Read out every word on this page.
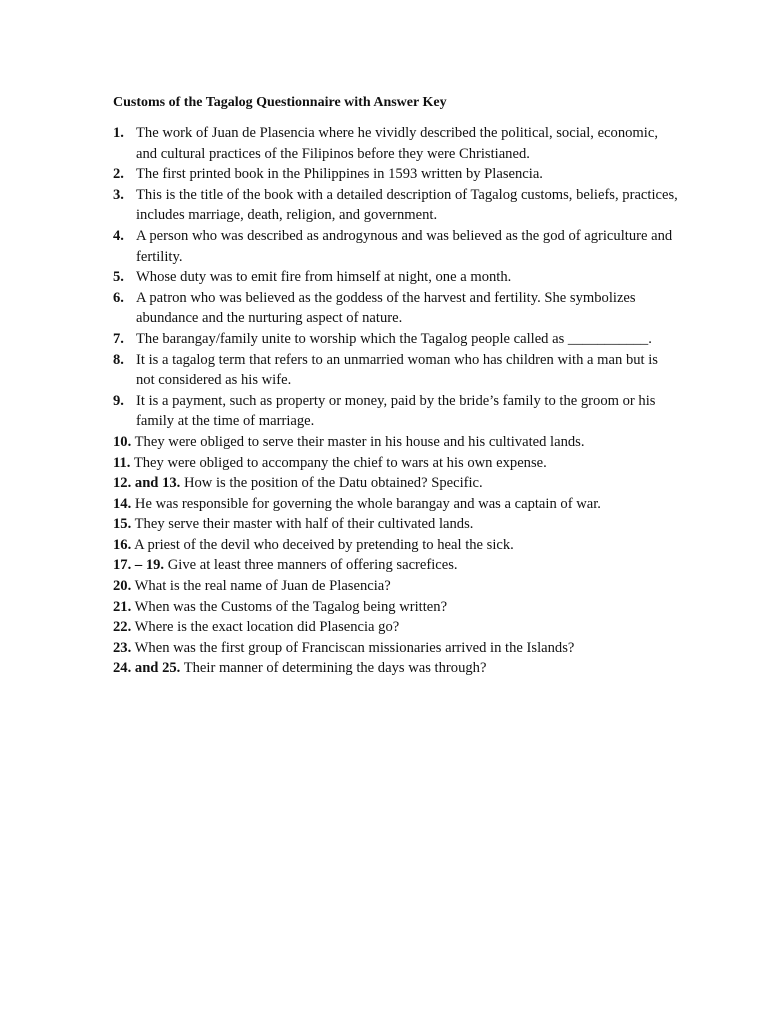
Customs of the Tagalog Questionnaire with Answer Key
1. The work of Juan de Plasencia where he vividly described the political, social, economic, and cultural practices of the Filipinos before they were Christianed.
2. The first printed book in the Philippines in 1593 written by Plasencia.
3. This is the title of the book with a detailed description of Tagalog customs, beliefs, practices, includes marriage, death, religion, and government.
4. A person who was described as androgynous and was believed as the god of agriculture and fertility.
5. Whose duty was to emit fire from himself at night, one a month.
6. A patron who was believed as the goddess of the harvest and fertility. She symbolizes abundance and the nurturing aspect of nature.
7. The barangay/family unite to worship which the Tagalog people called as ___________.
8. It is a tagalog term that refers to an unmarried woman who has children with a man but is not considered as his wife.
9. It is a payment, such as property or money, paid by the bride’s family to the groom or his family at the time of marriage.
10. They were obliged to serve their master in his house and his cultivated lands.
11. They were obliged to accompany the chief to wars at his own expense.
12. and 13. How is the position of the Datu obtained? Specific.
14. He was responsible for governing the whole barangay and was a captain of war.
15. They serve their master with half of their cultivated lands.
16. A priest of the devil who deceived by pretending to heal the sick.
17. – 19. Give at least three manners of offering sacrefices.
20. What is the real name of Juan de Plasencia?
21. When was the Customs of the Tagalog being written?
22. Where is the exact location did Plasencia go?
23. When was the first group of Franciscan missionaries arrived in the Islands?
24. and 25. Their manner of determining the days was through?
